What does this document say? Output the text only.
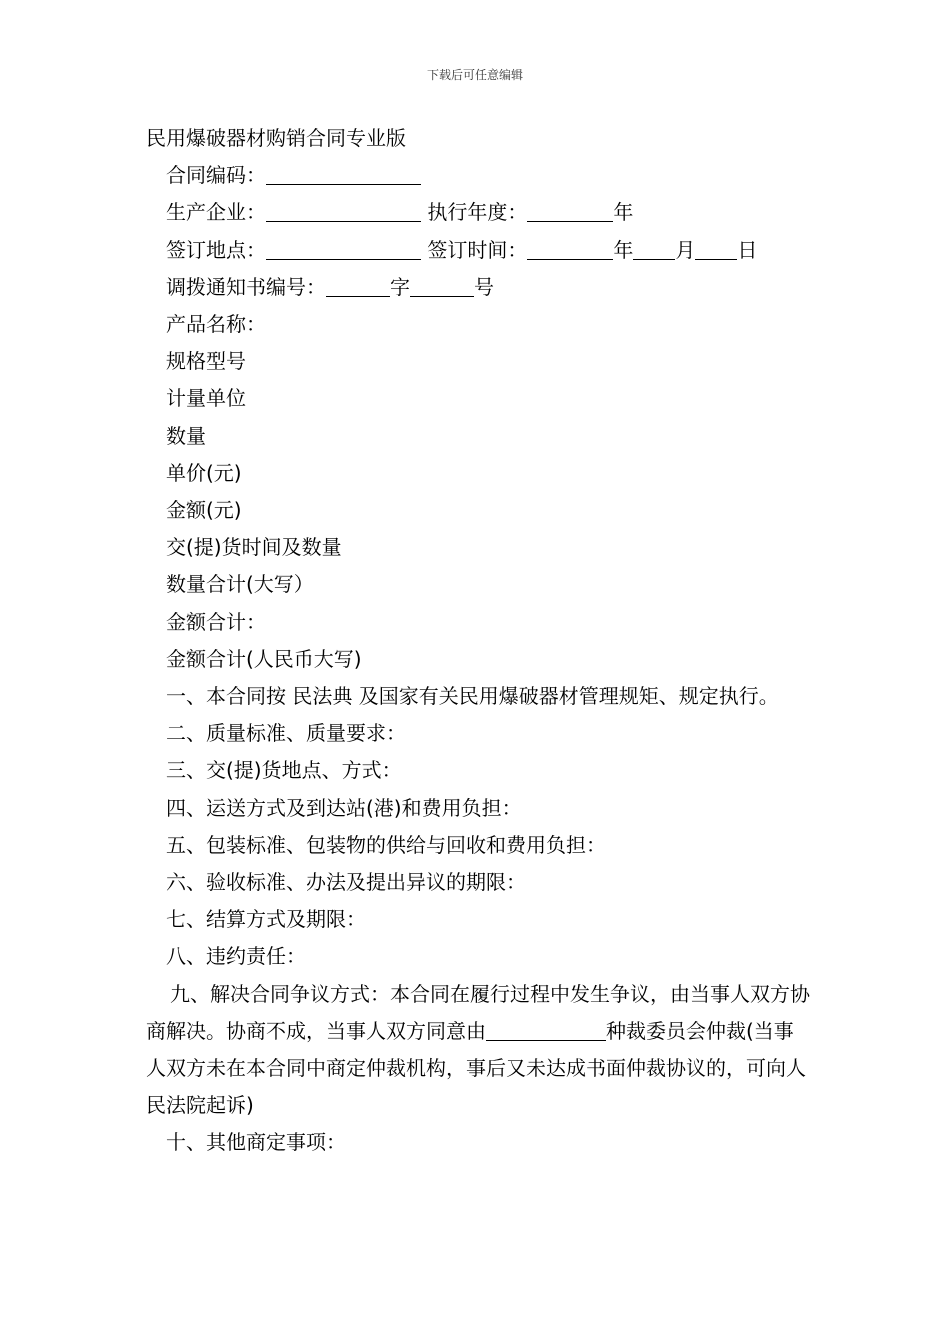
下载后可任意编辑
民用爆破器材购销合同专业版
合同编码：
生产企业：	执行年度：	年
签订地点：	签订时间：	年 月 日
调拨通知书编号：	字	号
产品名称：
规格型号
计量单位
数量
单价(元)
金额(元)
交(提)货时间及数量
数量合计(大写）
金额合计：
金额合计(人民币大写)
一、本合同按 民法典 及国家有关民用爆破器材管理规矩、规定执行。
二、质量标准、质量要求：
三、交(提)货地点、方式：
四、运送方式及到达站(港)和费用负担：
五、包装标准、包装物的供给与回收和费用负担：
六、验收标准、办法及提出异议的期限：
七、结算方式及期限：
八、违约责任：
九、解决合同争议方式：本合同在履行过程中发生争议，由当事人双方协商解决。协商不成，当事人双方同意由	种裁委员会仲裁(当事人双方未在本合同中商定仲裁机构，事后又未达成书面仲裁协议的，可向人民法院起诉)
十、其他商定事项：
